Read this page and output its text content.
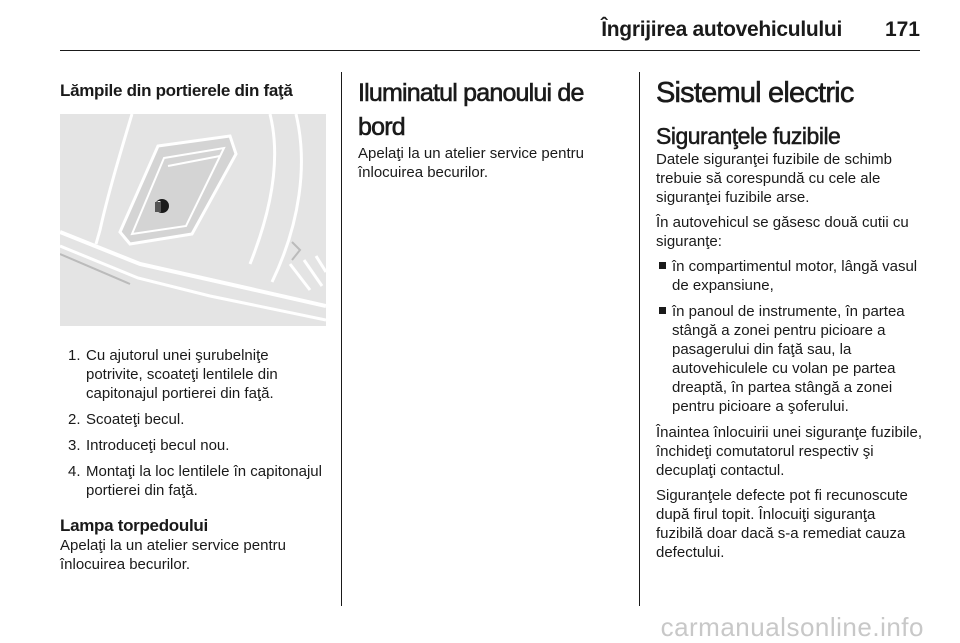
Îngrijirea autovehiculului 171
Lămpile din portierele din faţă
1. Cu ajutorul unei şurubelniţe potrivite, scoateţi lentilele din capitonajul portierei din faţă.
2. Scoateţi becul.
3. Introduceţi becul nou.
4. Montaţi la loc lentilele în capitonajul portierei din faţă.
Lampa torpedoului

Apelaţi la un atelier service pentru înlocuirea becurilor.

Iluminatul panoului de bord

Apelaţi la un atelier service pentru înlocuirea becurilor.

Sistemul electric
Siguranţele fuzibile

Datele siguranţei fuzibile de schimb trebuie să corespundă cu cele ale siguranţei fuzibile arse.

În autovehicul se găsesc două cutii cu siguranţe:

în compartimentul motor, lângă vasul de expansiune,
în panoul de instrumente, în partea stângă a zonei pentru picioare a pasagerului din faţă sau, la autovehiculele cu volan pe partea dreaptă, în partea stângă a zonei pentru picioare a şoferului.

Înaintea înlocuirii unei siguranţe fuzibile, închideţi comutatorul respectiv şi decuplaţi contactul.

Siguranţele defecte pot fi recunoscute după firul topit. Înlocuiţi siguranţa fuzibilă doar dacă s-a remediat cauza defectului.

carmanualsonline.info
